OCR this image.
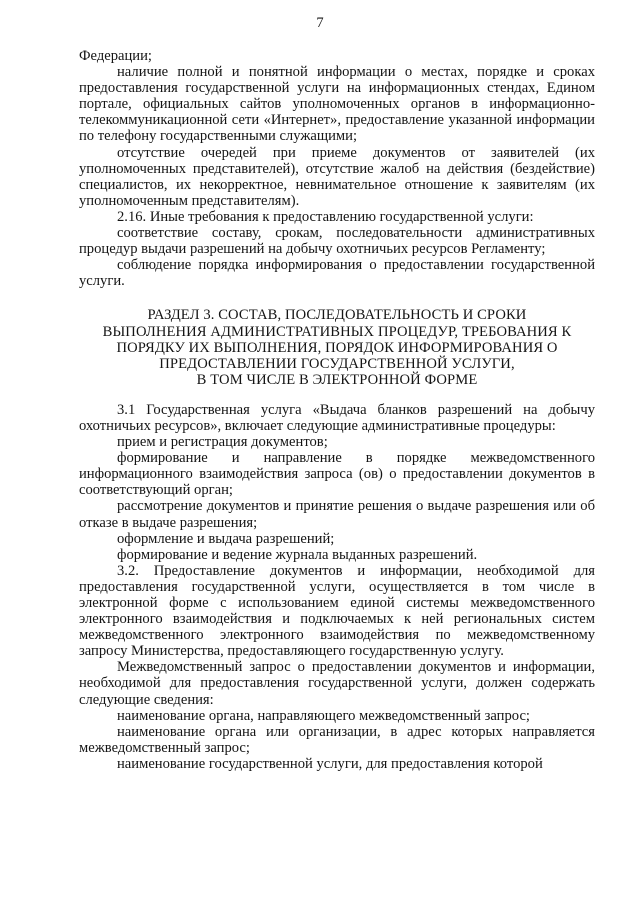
7

Федерации;

наличие полной и понятной информации о местах, порядке и сроках предоставления государственной услуги на информационных стендах, Едином портале, официальных сайтов уполномоченных органов в информационно-телекоммуникационной сети «Интернет», предоставление указанной информации по телефону государственными служащими;

отсутствие очередей при приеме документов от заявителей (их уполномоченных представителей), отсутствие жалоб на действия (бездействие) специалистов, их некорректное, невнимательное отношение к заявителям (их уполномоченным представителям).

2.16. Иные требования к предоставлению государственной услуги:

соответствие составу, срокам, последовательности административных процедур выдачи разрешений на добычу охотничьих ресурсов Регламенту;

соблюдение порядка информирования о предоставлении государственной услуги.

РАЗДЕЛ 3. СОСТАВ, ПОСЛЕДОВАТЕЛЬНОСТЬ И СРОКИ
ВЫПОЛНЕНИЯ АДМИНИСТРАТИВНЫХ ПРОЦЕДУР, ТРЕБОВАНИЯ К
ПОРЯДКУ ИХ ВЫПОЛНЕНИЯ, ПОРЯДОК ИНФОРМИРОВАНИЯ О
ПРЕДОСТАВЛЕНИИ ГОСУДАРСТВЕННОЙ УСЛУГИ,
В ТОМ ЧИСЛЕ В ЭЛЕКТРОННОЙ ФОРМЕ

3.1 Государственная услуга «Выдача бланков разрешений на добычу охотничьих ресурсов», включает следующие административные процедуры:

прием и регистрация документов;

формирование и направление в порядке межведомственного информационного взаимодействия запроса (ов) о предоставлении документов в соответствующий орган;

рассмотрение документов и принятие решения о выдаче разрешения или об отказе в выдаче разрешения;

оформление и выдача разрешений;

формирование и ведение журнала выданных разрешений.

3.2. Предоставление документов и информации, необходимой для предоставления государственной услуги, осуществляется в том числе в электронной форме с использованием единой системы межведомственного электронного взаимодействия и подключаемых к ней региональных систем межведомственного электронного взаимодействия по межведомственному запросу Министерства, предоставляющего государственную услугу.

Межведомственный запрос о предоставлении документов и информации, необходимой для предоставления государственной услуги, должен содержать следующие сведения:

наименование органа, направляющего межведомственный запрос;

наименование органа или организации, в адрес которых направляется межведомственный запрос;

наименование государственной услуги, для предоставления которой
